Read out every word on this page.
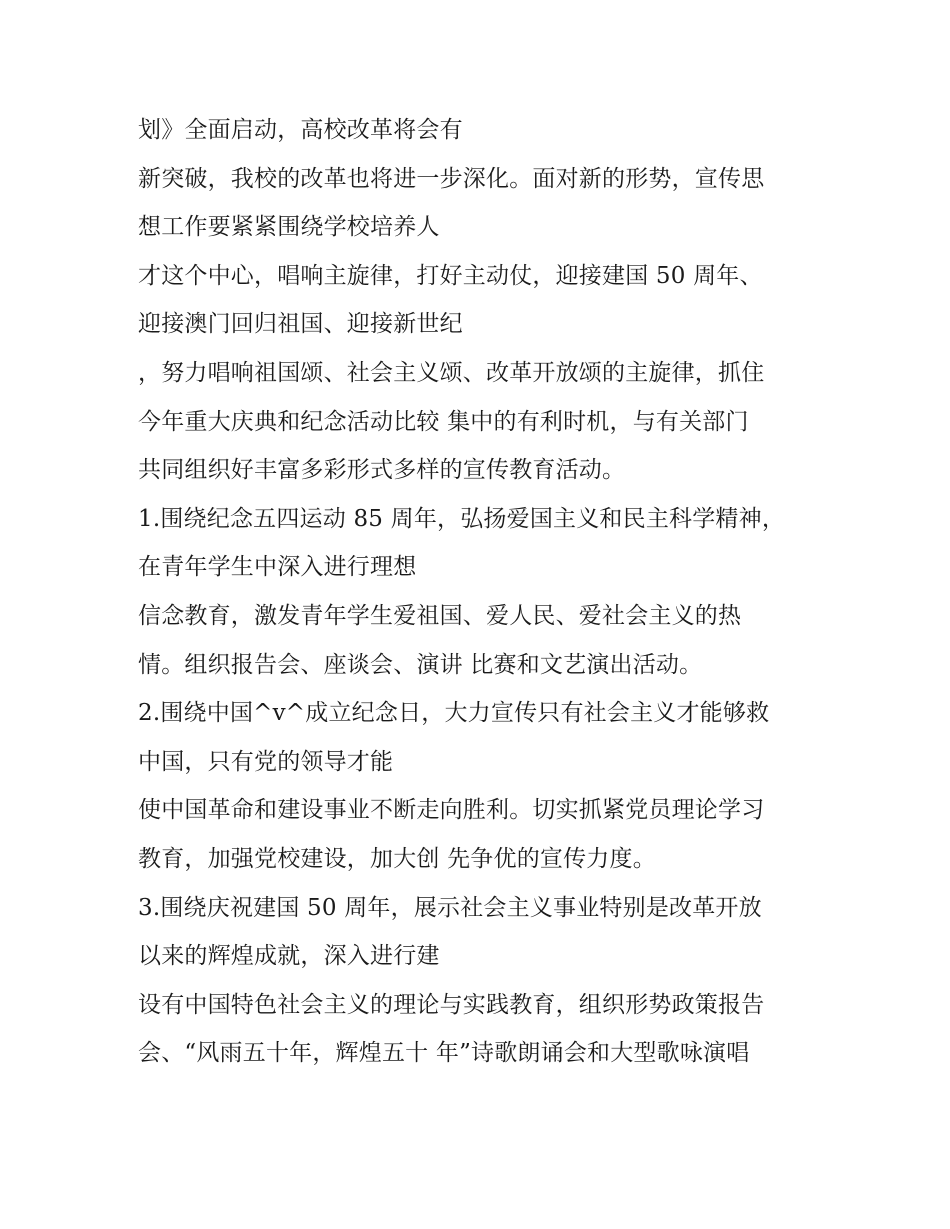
划》全面启动，高校改革将会有
新突破，我校的改革也将进一步深化。面对新的形势，宣传思
想工作要紧紧围绕学校培养人
才这个中心，唱响主旋律，打好主动仗，迎接建国 50 周年、
迎接澳门回归祖国、迎接新世纪
，努力唱响祖国颂、社会主义颂、改革开放颂的主旋律，抓住
今年重大庆典和纪念活动比较 集中的有利时机，与有关部门
共同组织好丰富多彩形式多样的宣传教育活动。
1.围绕纪念五四运动 85 周年，弘扬爱国主义和民主科学精神，
在青年学生中深入进行理想
信念教育，激发青年学生爱祖国、爱人民、爱社会主义的热
情。组织报告会、座谈会、演讲 比赛和文艺演出活动。
2.围绕中国^v^成立纪念日，大力宣传只有社会主义才能够救
中国，只有党的领导才能
使中国革命和建设事业不断走向胜利。切实抓紧党员理论学习
教育，加强党校建设，加大创 先争优的宣传力度。
3.围绕庆祝建国 50 周年，展示社会主义事业特别是改革开放
以来的辉煌成就，深入进行建
设有中国特色社会主义的理论与实践教育，组织形势政策报告
会、“风雨五十年，辉煌五十 年”诗歌朗诵会和大型歌咏演唱
